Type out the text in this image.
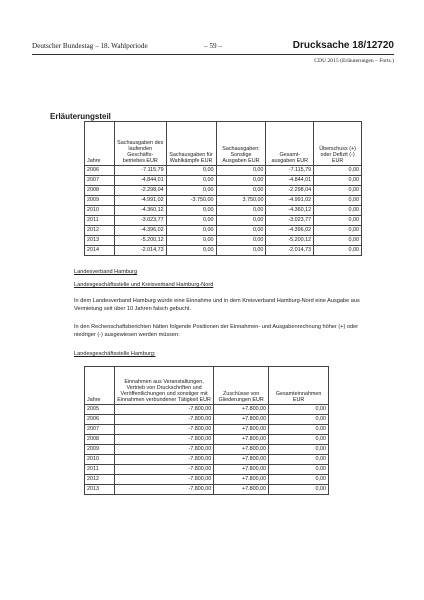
Deutscher Bundestag – 18. Wahlperiode	– 59 –	Drucksache 18/12720
CDU 2015 (Erläuterungen – Forts.)
Erläuterungsteil
Jahre	Sachausgaben des laufenden Geschäfts-betriebes EUR	Sachausgaben für Wahlkämpfe EUR	Sachausgaben: Sonstige Ausgaben EUR	Gesamt-ausgaben EUR	Überschuss (+) oder Defizit (-) EUR
2006	-7.115,79	0,00	0,00	-7.115,79	0,00
2007	-4.844,01	0,00	0,00	-4.844,01	0,00
2008	-2.298,04	0,00	0,00	-2.298,04	0,00
2009	-4.991,02	-3.750,00	3.750,00	-4.991,02	0,00
2010	-4.360,12	0,00	0,00	-4.360,12	0,00
2011	-3.023,77	0,00	0,00	-3.023,77	0,00
2012	-4.396,02	0,00	0,00	-4.396,02	0,00
2013	-5.200,12	0,00	0,00	-5.200,12	0,00
2014	-2.014,73	0,00	0,00	-2.014,73	0,00
Landesverband Hamburg
Landesgeschäftsstelle und Kreisverband Hamburg-Nord
In dem Landesverband Hamburg wurde eine Einnahme und in dem Kreisverband Hamburg-Nord eine Ausgabe aus Vermietung seit über 10 Jahren falsch gebucht.
In den Rechenschaftsberichten hätten folgende Positionen der Einnahmen- und Ausgabenrechnung höher (+) oder niedriger (-) ausgewiesen werden müssen:
Landesgeschäftsstelle Hamburg:
Jahre	Einnahmen aus Veranstaltungen, Vertrieb von Druckschriften und Veröffentlichungen und sonstiger mit Einnahmen verbundener Tätigkeit EUR	Zuschüsse von Gliederungen EUR	Gesamteinnahmen EUR
2005	-7.800,00	+7.800,00	0,00
2006	-7.800,00	+7.800,00	0,00
2007	-7.800,00	+7.800,00	0,00
2008	-7.800,00	+7.800,00	0,00
2009	-7.800,00	+7.800,00	0,00
2010	-7.800,00	+7.800,00	0,00
2011	-7.800,00	+7.800,00	0,00
2012	-7.800,00	+7.800,00	0,00
2013	-7.800,00	+7.800,00	0,00
